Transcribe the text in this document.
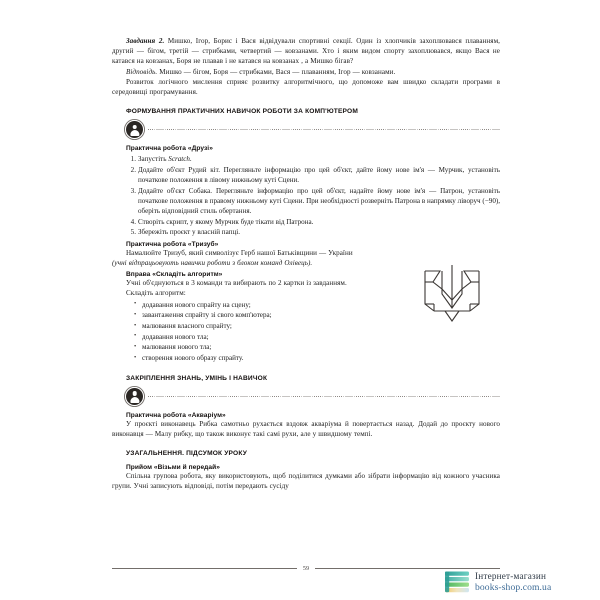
Завдання 2. Мишко, Ігор, Борис і Вася відвідували спортивні секції. Один із хлопчиків захоплювався плаванням, другий — бігом, третій — стрибками, четвертий — ковзанами. Хто і яким видом спорту захоплювався, якщо Вася не катався на ковзанах, Боря не плавав і не катався на ковзанах , а Мишко бігав?

Відповідь. Мишко — бігом, Боря — стрибками, Вася — плаванням, Ігор — ковзанами.

Розвиток логічного мислення сприяє розвитку алгоритмічного, що допоможе вам швидко складати програми в середовищі програмування.

ФОРМУВАННЯ ПРАКТИЧНИХ НАВИЧОК РОБОТИ ЗА КОМП'ЮТЕРОМ
Практична робота «Друзі»
Запустіть Scratch.
Додайте об'єкт Рудий кіт. Перегляньте інформацію про цей об'єкт, дайте йому нове ім'я — Мурчик, установіть початкове положення в лівому нижньому куті Сцени.
Додайте об'єкт Собака. Перегляньте інформацію про цей об'єкт, надайте йому нове ім'я — Патрон, установіть початкове положення в правому нижньому куті Сцени. При необхідності розверніть Патрона в напрямку ліворуч (−90), оберіть відповідний стиль обертання.
Створіть скрипт, у якому Мурчик буде тікати від Патрона.
Збережіть проєкт у власній папці.
Практична робота «Тризуб»

Намалюйте Тризуб, який символізує Герб нашої Батьківщини — України

(учні відпрацьовують навички роботи з блоком команд Олівець).

Вправа «Складіть алгоритм»

Учні об'єднуються в 3 команди та вибирають по 2 картки із завданням.

Складіть алгоритм:

• додавання нового спрайту на сцену;
• завантаження спрайту зі свого комп'ютера;
• малювання власного спрайту;
• додавання нового тла;
• малювання нового тла;
• створення нового образу спрайту.
ЗАКРІПЛЕННЯ ЗНАНЬ, УМІНЬ І НАВИЧОК
Практична робота «Акваріум»

У проєкті виконавець Рибка самотньо рухається вздовж акваріума й повертається назад. Додай до проєкту нового виконавця — Малу рибку, що також виконує такі самі рухи, але у швидшому темпі.

УЗАГАЛЬНЕННЯ. ПІДСУМОК УРОКУ
Прийом «Візьми й передай»

Спільна групова робота, яку використовують, щоб поділитися думками або зібрати інформацію від кожного учасника групи. Учні записують відповіді, потім передають сусіду

59
Інтернет-магазин
books-shop.com.ua
